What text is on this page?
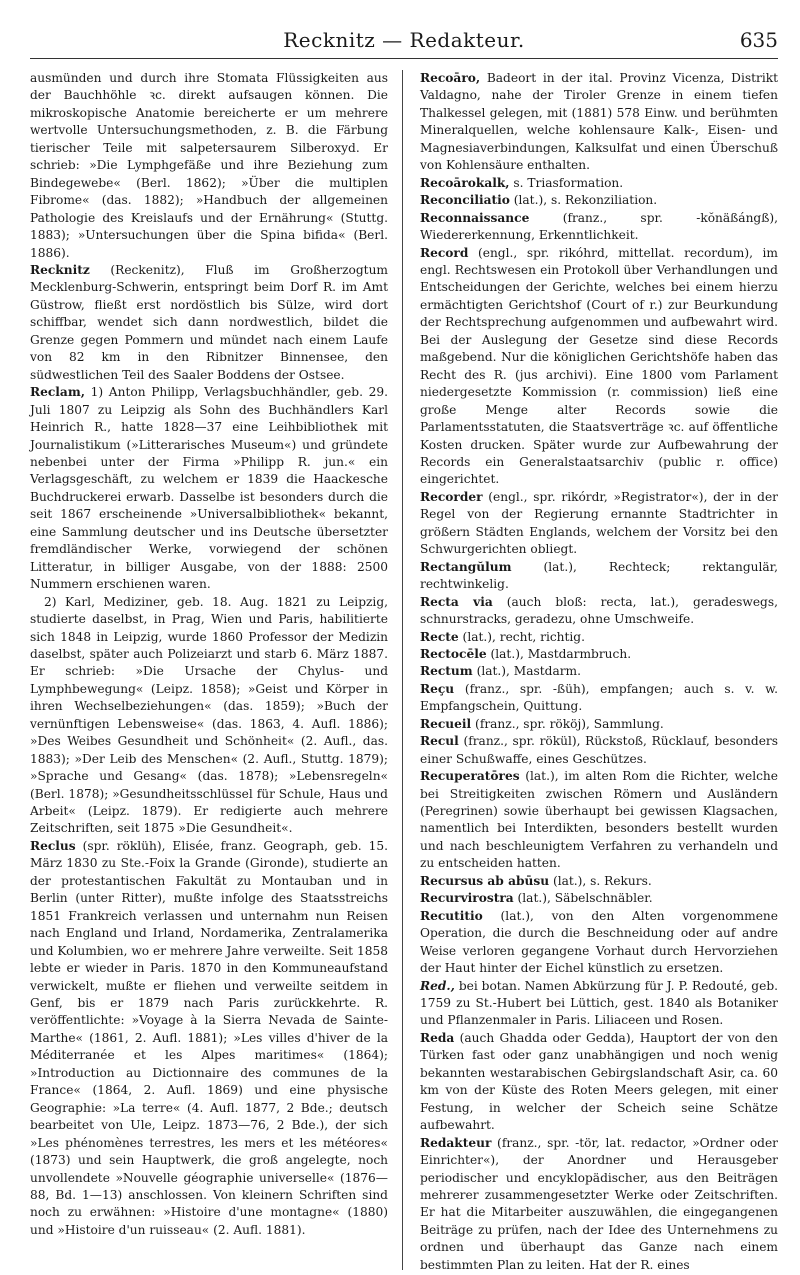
Recknitz — Redakteur.	635

ausmünden und durch ihre Stomata Flüssigkeiten aus der Bauchhöhle ꝛc. direkt aufsaugen können. Die mikroskopische Anatomie bereicherte er um mehrere wertvolle Untersuchungsmethoden, z. B. die Färbung tierischer Teile mit salpetersaurem Silberoxyd. Er schrieb: »Die Lymphgefäße und ihre Beziehung zum Bindegewebe« (Berl. 1862); »Über die multiplen Fibrome« (das. 1882); »Handbuch der allgemeinen Pathologie des Kreislaufs und der Ernährung« (Stuttg. 1883); »Untersuchungen über die Spina bifida« (Berl. 1886).

Recknitz (Reckenitz), Fluß im Großherzogtum Mecklenburg-Schwerin, entspringt beim Dorf R. im Amt Güstrow, fließt erst nordöstlich bis Sülze, wird dort schiffbar, wendet sich dann nordwestlich, bildet die Grenze gegen Pommern und mündet nach einem Laufe von 82 km in den Ribnitzer Binnensee, den südwestlichen Teil des Saaler Boddens der Ostsee.

Reclam, 1) Anton Philipp, Verlagsbuchhändler, geb. 29. Juli 1807 zu Leipzig als Sohn des Buchhändlers Karl Heinrich R., hatte 1828—37 eine Leihbibliothek mit Journalistikum (»Litterarisches Museum«) und gründete nebenbei unter der Firma »Philipp R. jun.« ein Verlagsgeschäft, zu welchem er 1839 die Haackesche Buchdruckerei erwarb. Dasselbe ist besonders durch die seit 1867 erscheinende »Universalbibliothek« bekannt, eine Sammlung deutscher und ins Deutsche übersetzter fremdländischer Werke, vorwiegend der schönen Litteratur, in billiger Ausgabe, von der 1888: 2500 Nummern erschienen waren.

2) Karl, Mediziner, geb. 18. Aug. 1821 zu Leipzig, studierte daselbst, in Prag, Wien und Paris, habilitierte sich 1848 in Leipzig, wurde 1860 Professor der Medizin daselbst, später auch Polizeiarzt und starb 6. März 1887. Er schrieb: »Die Ursache der Chylus- und Lymphbewegung« (Leipz. 1858); »Geist und Körper in ihren Wechselbeziehungen« (das. 1859); »Buch der vernünftigen Lebensweise« (das. 1863, 4. Aufl. 1886); »Des Weibes Gesundheit und Schönheit« (2. Aufl., das. 1883); »Der Leib des Menschen« (2. Aufl., Stuttg. 1879); »Sprache und Gesang« (das. 1878); »Lebensregeln« (Berl. 1878); »Gesundheitsschlüssel für Schule, Haus und Arbeit« (Leipz. 1879). Er redigierte auch mehrere Zeitschriften, seit 1875 »Die Gesundheit«.

Reclus (spr. röklüh), Elisée, franz. Geograph, geb. 15. März 1830 zu Ste.-Foix la Grande (Gironde), studierte an der protestantischen Fakultät zu Montauban und in Berlin (unter Ritter), mußte infolge des Staatsstreichs 1851 Frankreich verlassen und unternahm nun Reisen nach England und Irland, Nordamerika, Zentralamerika und Kolumbien, wo er mehrere Jahre verweilte. Seit 1858 lebte er wieder in Paris. 1870 in den Kommuneaufstand verwickelt, mußte er fliehen und verweilte seitdem in Genf, bis er 1879 nach Paris zurückkehrte. R. veröffentlichte: »Voyage à la Sierra Nevada de Sainte-Marthe« (1861, 2. Aufl. 1881); »Les villes d'hiver de la Méditerranée et les Alpes maritimes« (1864); »Introduction au Dictionnaire des communes de la France« (1864, 2. Aufl. 1869) und eine physische Geographie: »La terre« (4. Aufl. 1877, 2 Bde.; deutsch bearbeitet von Ule, Leipz. 1873—76, 2 Bde.), der sich »Les phénomènes terrestres, les mers et les météores« (1873) und sein Hauptwerk, die groß angelegte, noch unvollendete »Nouvelle géographie universelle« (1876—88, Bd. 1—13) anschlossen. Von kleinern Schriften sind noch zu erwähnen: »Histoire d'une montagne« (1880) und »Histoire d'un ruisseau« (2. Aufl. 1881).

Recoāro, Badeort in der ital. Provinz Vicenza, Distrikt Valdagno, nahe der Tiroler Grenze in einem tiefen Thalkessel gelegen, mit (1881) 578 Einw. und berühmten Mineralquellen, welche kohlensaure Kalk-, Eisen- und Magnesiaverbindungen, Kalksulfat und einen Überschuß von Kohlensäure enthalten.

Recoārokalk, s. Triasformation.

Reconciliatio (lat.), s. Rekonziliation.

Reconnaissance (franz., spr. -kŏnäßángß), Wiedererkennung, Erkenntlichkeit.

Record (engl., spr. rikóhrd, mittellat. recordum), im engl. Rechtswesen ein Protokoll über Verhandlungen und Entscheidungen der Gerichte, welches bei einem hierzu ermächtigten Gerichtshof (Court of r.) zur Beurkundung der Rechtsprechung aufgenommen und aufbewahrt wird. Bei der Auslegung der Gesetze sind diese Records maßgebend. Nur die königlichen Gerichtshöfe haben das Recht des R. (jus archivi). Eine 1800 vom Parlament niedergesetzte Kommission (r. commission) ließ eine große Menge alter Records sowie die Parlamentsstatuten, die Staatsverträge ꝛc. auf öffentliche Kosten drucken. Später wurde zur Aufbewahrung der Records ein Generalstaatsarchiv (public r. office) eingerichtet.

Recorder (engl., spr. rikórdr, »Registrator«), der in der Regel von der Regierung ernannte Stadtrichter in größern Städten Englands, welchem der Vorsitz bei den Schwurgerichten obliegt.

Rectangŭlum (lat.), Rechteck; rektangulär, rechtwinkelig.

Recta via (auch bloß: recta, lat.), geradeswegs, schnurstracks, geradezu, ohne Umschweife.

Recte (lat.), recht, richtig.

Rectocēle (lat.), Mastdarmbruch.

Rectum (lat.), Mastdarm.

Reçu (franz., spr. -ßüh), empfangen; auch s. v. w. Empfangschein, Quittung.

Recueil (franz., spr. rököj), Sammlung.

Recul (franz., spr. rökül), Rückstoß, Rücklauf, besonders einer Schußwaffe, eines Geschützes.

Recuperatōres (lat.), im alten Rom die Richter, welche bei Streitigkeiten zwischen Römern und Ausländern (Peregrinen) sowie überhaupt bei gewissen Klagsachen, namentlich bei Interdikten, besonders bestellt wurden und nach beschleunigtem Verfahren zu verhandeln und zu entscheiden hatten.

Recursus ab abūsu (lat.), s. Rekurs.

Recurvirostra (lat.), Säbelschnäbler.

Recutitio (lat.), von den Alten vorgenommene Operation, die durch die Beschneidung oder auf andre Weise verloren gegangene Vorhaut durch Hervorziehen der Haut hinter der Eichel künstlich zu ersetzen.

Red., bei botan. Namen Abkürzung für J. P. Redouté, geb. 1759 zu St.-Hubert bei Lüttich, gest. 1840 als Botaniker und Pflanzenmaler in Paris. Liliaceen und Rosen.

Reda (auch Ghadda oder Gedda), Hauptort der von den Türken fast oder ganz unabhängigen und noch wenig bekannten westarabischen Gebirgslandschaft Asir, ca. 60 km von der Küste des Roten Meers gelegen, mit einer Festung, in welcher der Scheich seine Schätze aufbewahrt.

Redakteur (franz., spr. -tör, lat. redactor, »Ordner oder Einrichter«), der Anordner und Herausgeber periodischer und encyklopädischer, aus den Beiträgen mehrerer zusammengesetzter Werke oder Zeitschriften. Er hat die Mitarbeiter auszuwählen, die eingegangenen Beiträge zu prüfen, nach der Idee des Unternehmens zu ordnen und überhaupt das Ganze nach einem bestimmten Plan zu leiten. Hat der R. eines
